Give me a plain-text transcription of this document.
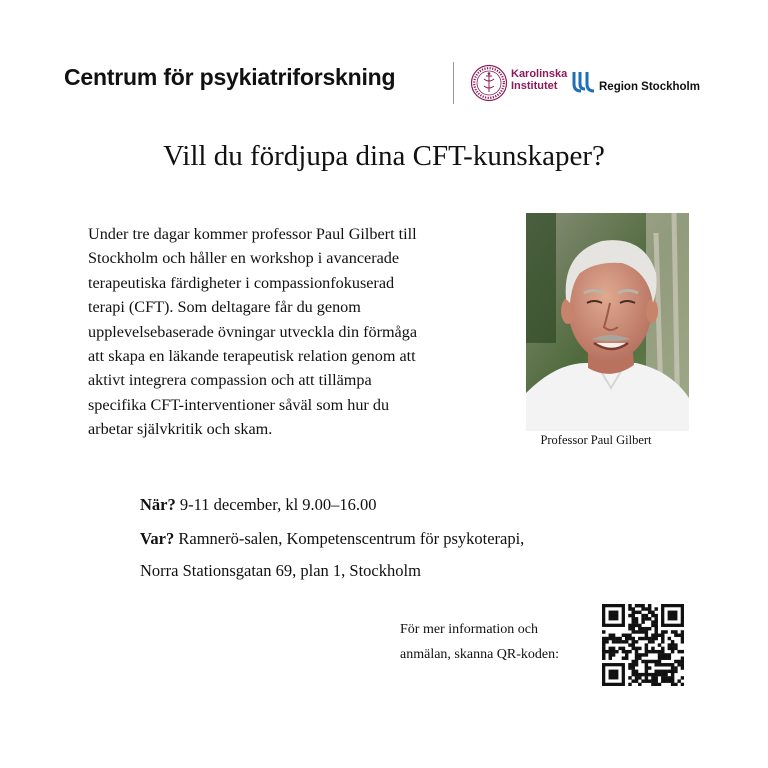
Centrum för psykiatriforskning	Karolinska
Institutet	Region Stockholm
Vill du fördjupa dina CFT-kunskaper?
Under tre dagar kommer professor Paul Gilbert till
Stockholm och håller en workshop i avancerade
terapeutiska färdigheter i compassionfokuserad
terapi (CFT). Som deltagare får du genom
upplevelsebaserade övningar utveckla din förmåga
att skapa en läkande terapeutisk relation genom att
aktivt integrera compassion och att tillämpa
specifika CFT-interventioner såväl som hur du
arbetar självkritik och skam.
Professor Paul Gilbert
När? 9-11 december, kl 9.00–16.00
Var? Ramnerö-salen, Kompetenscentrum för psykoterapi,
Norra Stationsgatan 69, plan 1, Stockholm
För mer information och
anmälan, skanna QR-koden:
